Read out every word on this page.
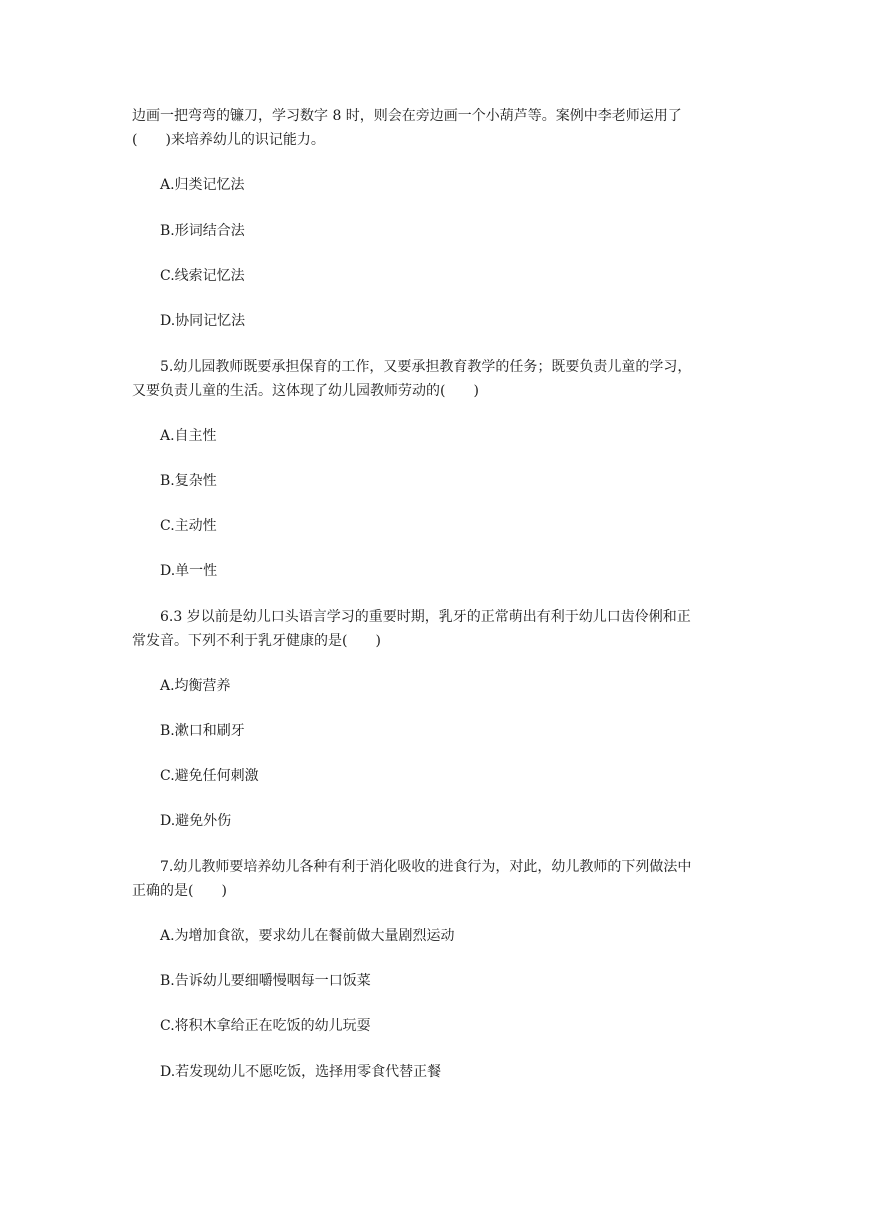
边画一把弯弯的镰刀，学习数字 8 时，则会在旁边画一个小葫芦等。案例中李老师运用了
(　　)来培养幼儿的识记能力。
A.归类记忆法
B.形词结合法
C.线索记忆法
D.协同记忆法
5.幼儿园教师既要承担保育的工作，又要承担教育教学的任务；既要负责儿童的学习，
又要负责儿童的生活。这体现了幼儿园教师劳动的(　　)
A.自主性
B.复杂性
C.主动性
D.单一性
6.3 岁以前是幼儿口头语言学习的重要时期，乳牙的正常萌出有利于幼儿口齿伶俐和正
常发音。下列不利于乳牙健康的是(　　)
A.均衡营养
B.漱口和刷牙
C.避免任何刺激
D.避免外伤
7.幼儿教师要培养幼儿各种有利于消化吸收的进食行为，对此，幼儿教师的下列做法中
正确的是(　　)
A.为增加食欲，要求幼儿在餐前做大量剧烈运动
B.告诉幼儿要细嚼慢咽每一口饭菜
C.将积木拿给正在吃饭的幼儿玩耍
D.若发现幼儿不愿吃饭，选择用零食代替正餐
